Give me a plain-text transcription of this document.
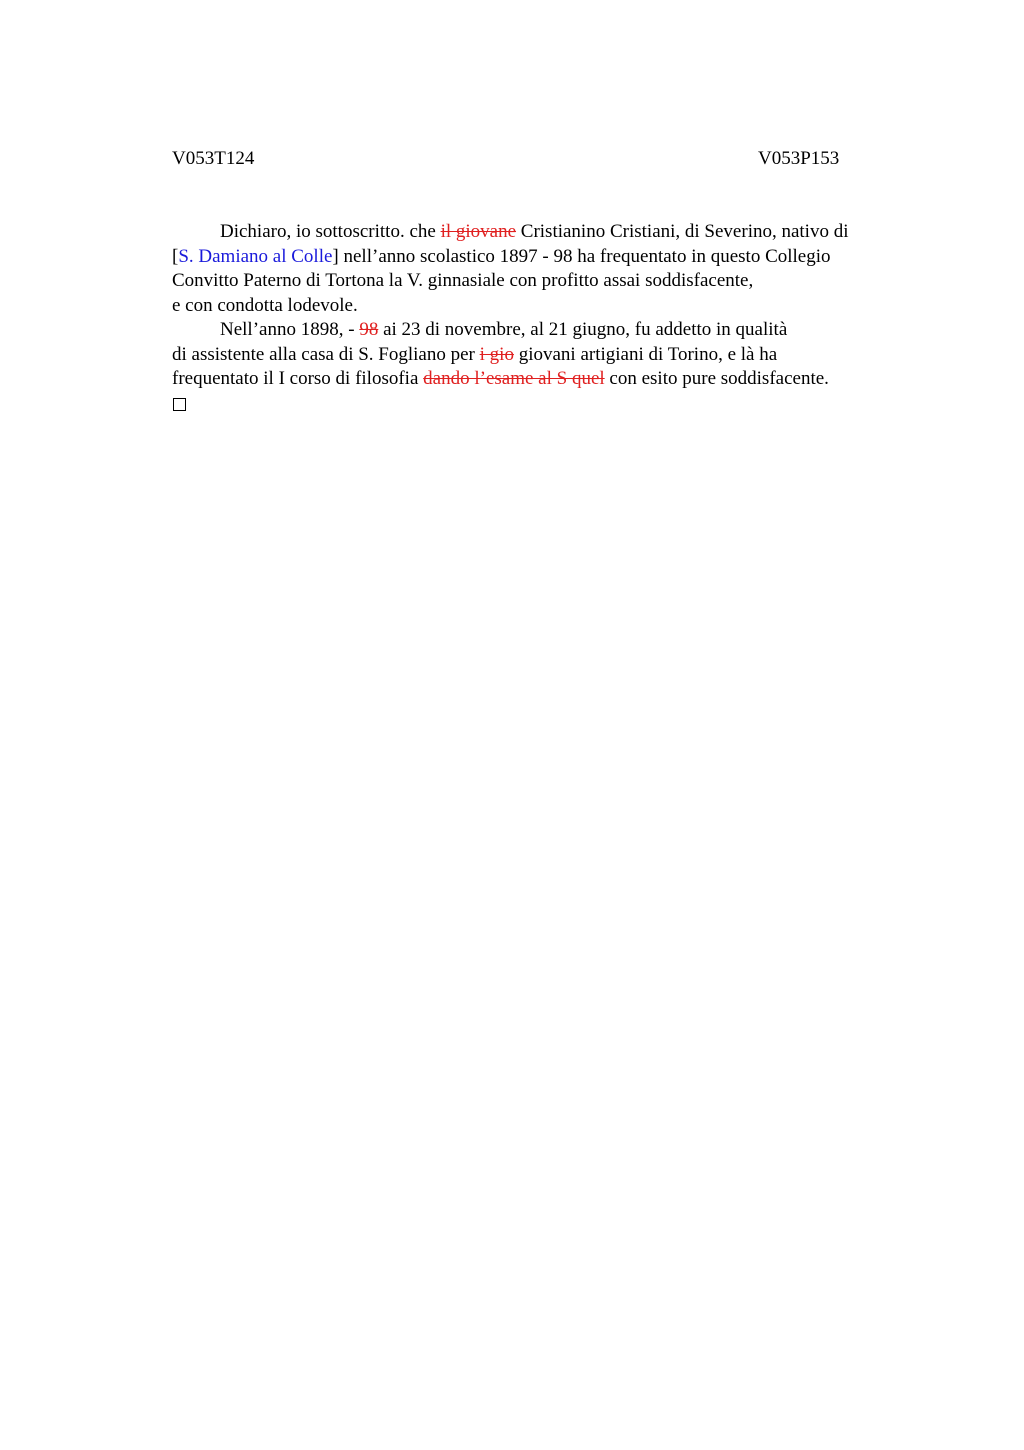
V053T124	V053P153
Dichiaro, io sottoscritto. che il giovane Cristianino Cristiani, di Severino, nativo di
[S. Damiano al Colle] nell’anno scolastico 1897 - 98 ha frequentato in questo Collegio
Convitto Paterno di Tortona la V. ginnasiale con profitto assai soddisfacente,
e con condotta lodevole.
Nell’anno 1898, - 98 ai 23 di novembre, al 21 giugno, fu addetto in qualità
di assistente alla casa di S. Fogliano per i gio giovani artigiani di Torino, e là ha
frequentato il I corso di filosofia dando l’esame al S quel con esito pure soddisfacente.
